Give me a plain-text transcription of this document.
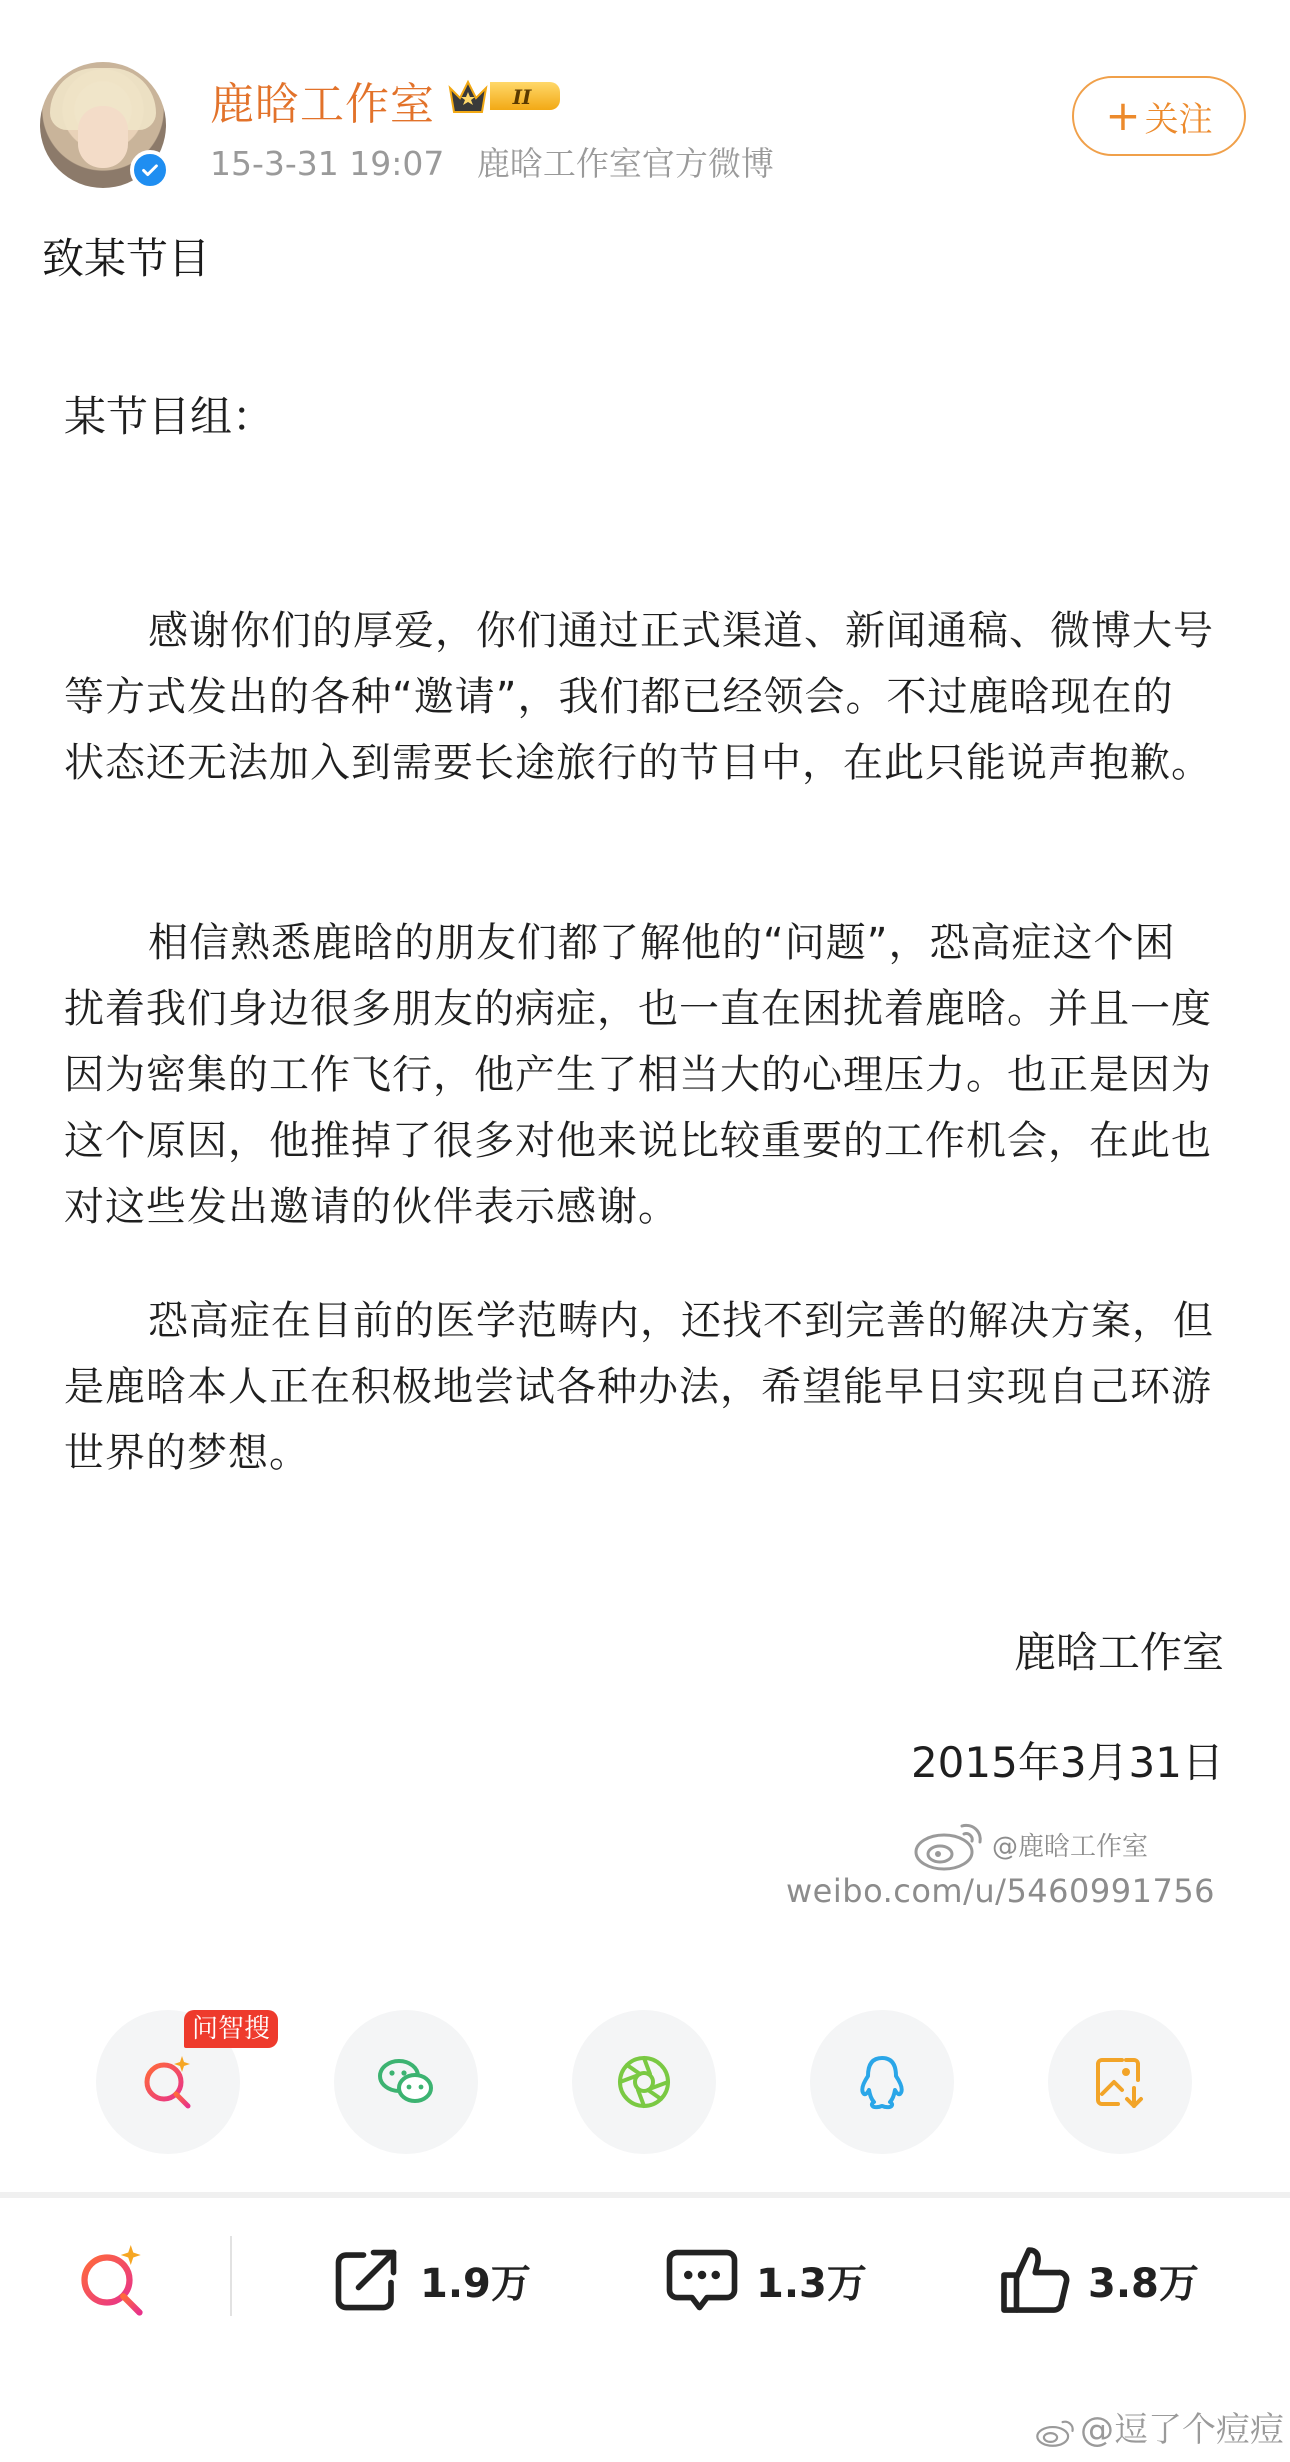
鹿晗工作室	II
15-3-31 19:07 鹿晗工作室官方微博
+ 关注
致某节目
某节目组：

感谢你们的厚爱，你们通过正式渠道、新闻通稿、微博大号等方式发出的各种“邀请”，我们都已经领会。不过鹿晗现在的状态还无法加入到需要长途旅行的节目中，在此只能说声抱歉。

相信熟悉鹿晗的朋友们都了解他的“问题”，恐高症这个困扰着我们身边很多朋友的病症，也一直在困扰着鹿晗。并且一度因为密集的工作飞行，他产生了相当大的心理压力。也正是因为这个原因，他推掉了很多对他来说比较重要的工作机会，在此也对这些发出邀请的伙伴表示感谢。

恐高症在目前的医学范畴内，还找不到完善的解决方案，但是鹿晗本人正在积极地尝试各种办法，希望能早日实现自己环游世界的梦想。

鹿晗工作室
2015年3月31日
@鹿晗工作室
weibo.com/u/5460991756
问智搜
1.9万	1.3万	3.8万
@逗了个痘痘
